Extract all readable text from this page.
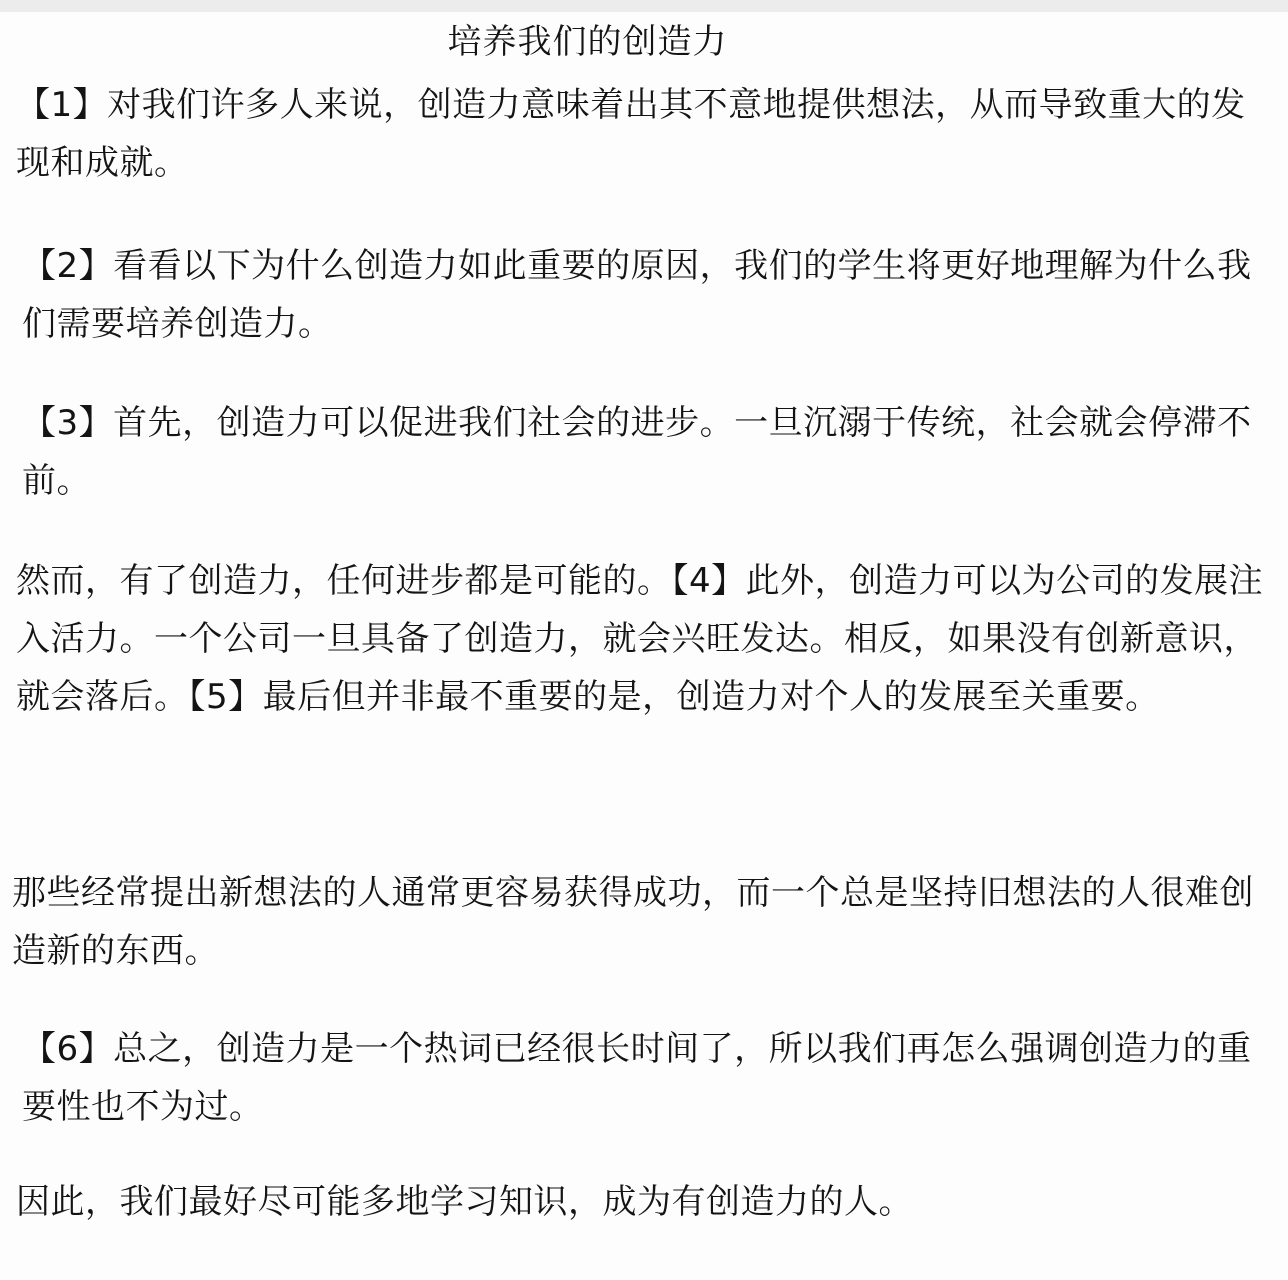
培养我们的创造力

【1】对我们许多人来说，创造力意味着出其不意地提供想法，从而导致重大的发现和成就。

【2】看看以下为什么创造力如此重要的原因，我们的学生将更好地理解为什么我们需要培养创造力。

【3】首先，创造力可以促进我们社会的进步。一旦沉溺于传统，社会就会停滞不前。

然而，有了创造力，任何进步都是可能的。【4】此外，创造力可以为公司的发展注入活力。一个公司一旦具备了创造力，就会兴旺发达。相反，如果没有创新意识，就会落后。【5】最后但并非最不重要的是，创造力对个人的发展至关重要。

那些经常提出新想法的人通常更容易获得成功，而一个总是坚持旧想法的人很难创造新的东西。

【6】总之，创造力是一个热词已经很长时间了，所以我们再怎么强调创造力的重要性也不为过。

因此，我们最好尽可能多地学习知识，成为有创造力的人。
